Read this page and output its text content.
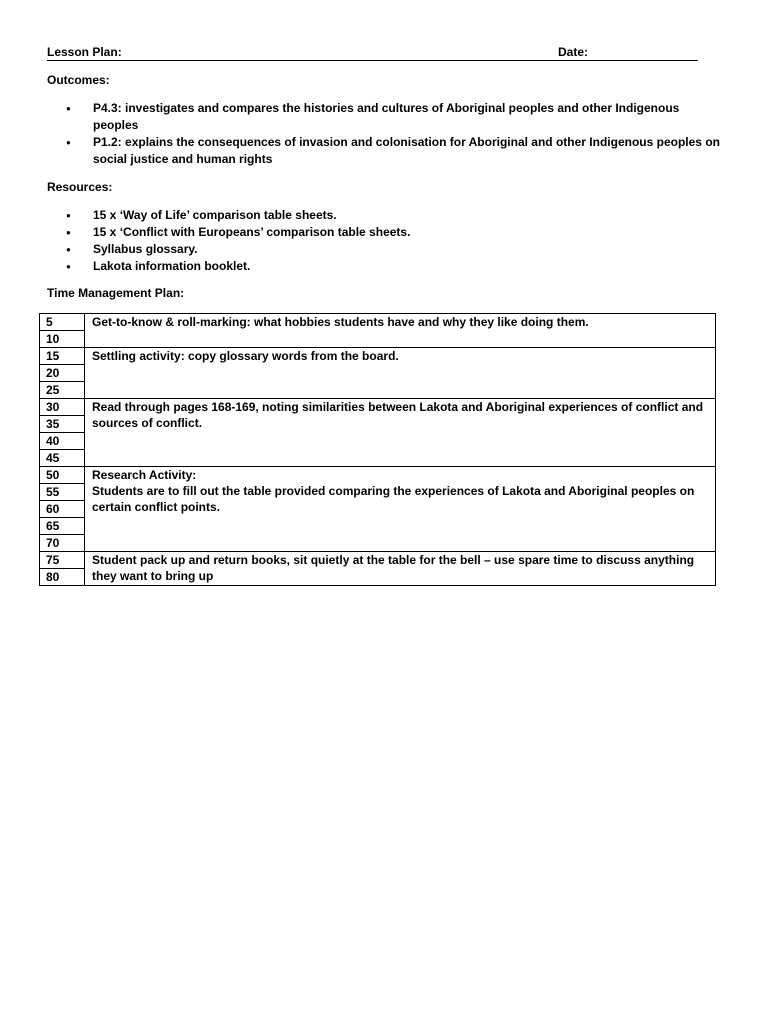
Lesson Plan:	Date:
Outcomes:
● P4.3: investigates and compares the histories and cultures of Aboriginal peoples and other Indigenous peoples
● P1.2: explains the consequences of invasion and colonisation for Aboriginal and other Indigenous peoples on social justice and human rights
Resources:
● 15 x ‘Way of Life’ comparison table sheets.
● 15 x ‘Conflict with Europeans’ comparison table sheets.
● Syllabus glossary.
● Lakota information booklet.
Time Management Plan:
5	Get-to-know & roll-marking: what hobbies students have and why they like doing them.

10	
15	Settling activity: copy glossary words from the board.

20	
25	
30	Read through pages 168-169, noting similarities between Lakota and Aboriginal experiences of conflict and sources of conflict.

35	
40	
45	
50	Research Activity:
Students are to fill out the table provided comparing the experiences of Lakota and Aboriginal peoples on certain conflict points.

55	
60	
65	
70	
75	Student pack up and return books, sit quietly at the table for the bell – use spare time to discuss anything they want to bring up

80	
